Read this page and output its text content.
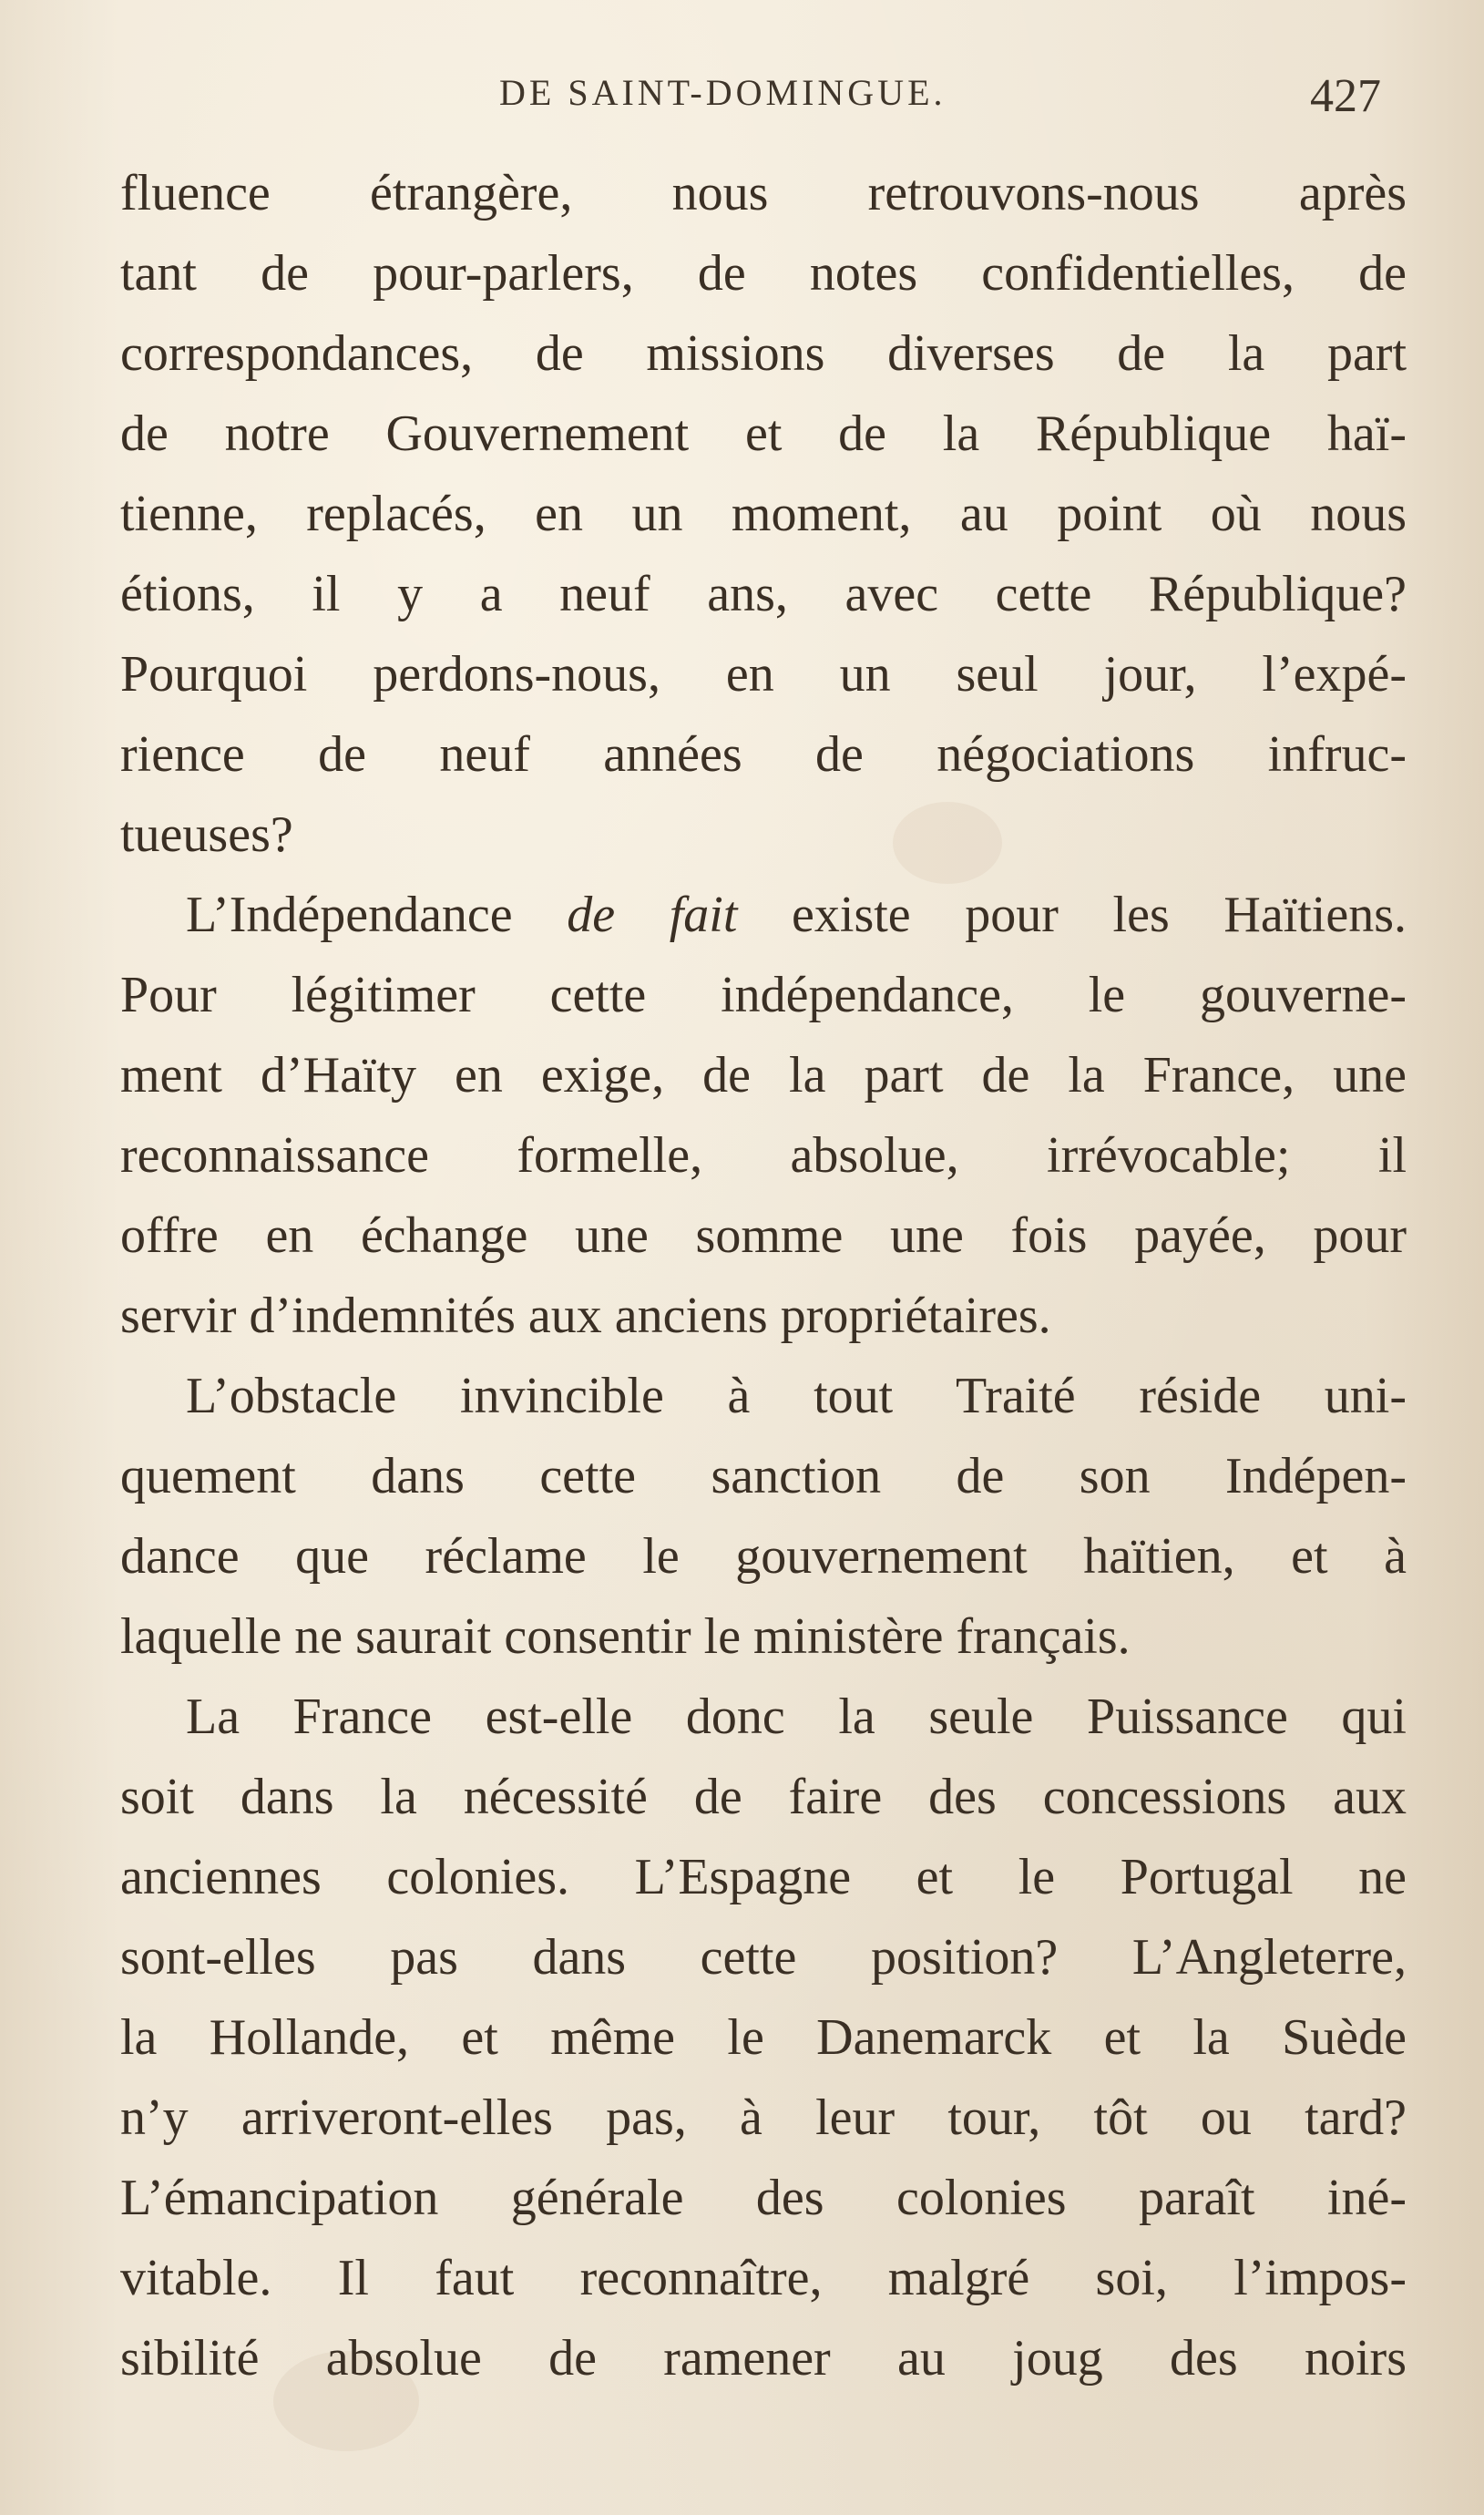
DE SAINT-DOMINGUE.	427
fluence étrangère, nous retrouvons-nous après
tant de pour-parlers, de notes confidentielles, de
correspondances, de missions diverses de la part
de notre Gouvernement et de la République haï-
tienne, replacés, en un moment, au point où nous
étions, il y a neuf ans, avec cette République?
Pourquoi perdons-nous, en un seul jour, l’expé-
rience de neuf années de négociations infruc-
tueuses?
L’Indépendance de fait existe pour les Haïtiens.
Pour légitimer cette indépendance, le gouverne-
ment d’Haïty en exige, de la part de la France, une
reconnaissance formelle, absolue, irrévocable; il
offre en échange une somme une fois payée, pour
servir d’indemnités aux anciens propriétaires.
L’obstacle invincible à tout Traité réside uni-
quement dans cette sanction de son Indépen-
dance que réclame le gouvernement haïtien, et à
laquelle ne saurait consentir le ministère français.
La France est-elle donc la seule Puissance qui
soit dans la nécessité de faire des concessions aux
anciennes colonies. L’Espagne et le Portugal ne
sont-elles pas dans cette position? L’Angleterre,
la Hollande, et même le Danemarck et la Suède
n’y arriveront-elles pas, à leur tour, tôt ou tard?
L’émancipation générale des colonies paraît iné-
vitable. Il faut reconnaître, malgré soi, l’impos-
sibilité absolue de ramener au joug des noirs
